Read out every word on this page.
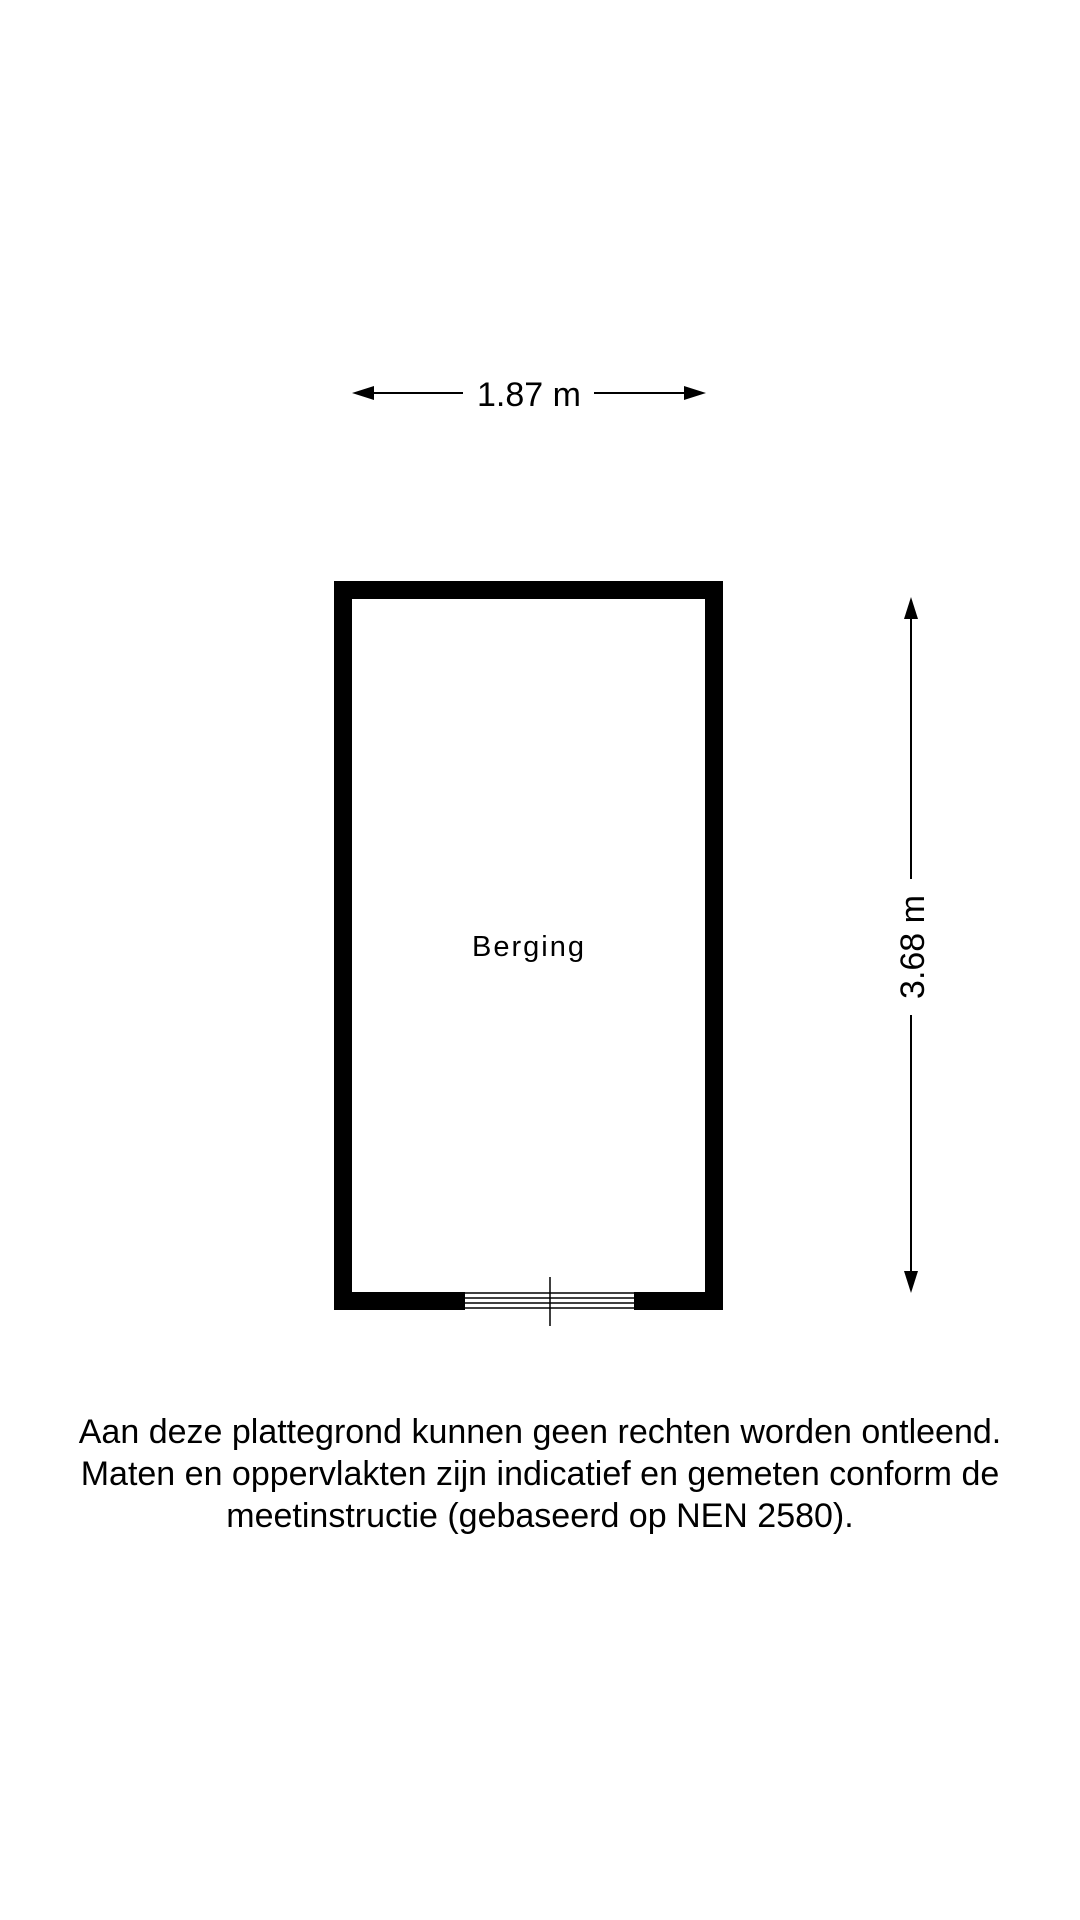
1.87 m
Berging	3.68 m
Aan deze plattegrond kunnen geen rechten worden ontleend.
Maten en oppervlakten zijn indicatief en gemeten conform de
meetinstructie (gebaseerd op NEN 2580).
